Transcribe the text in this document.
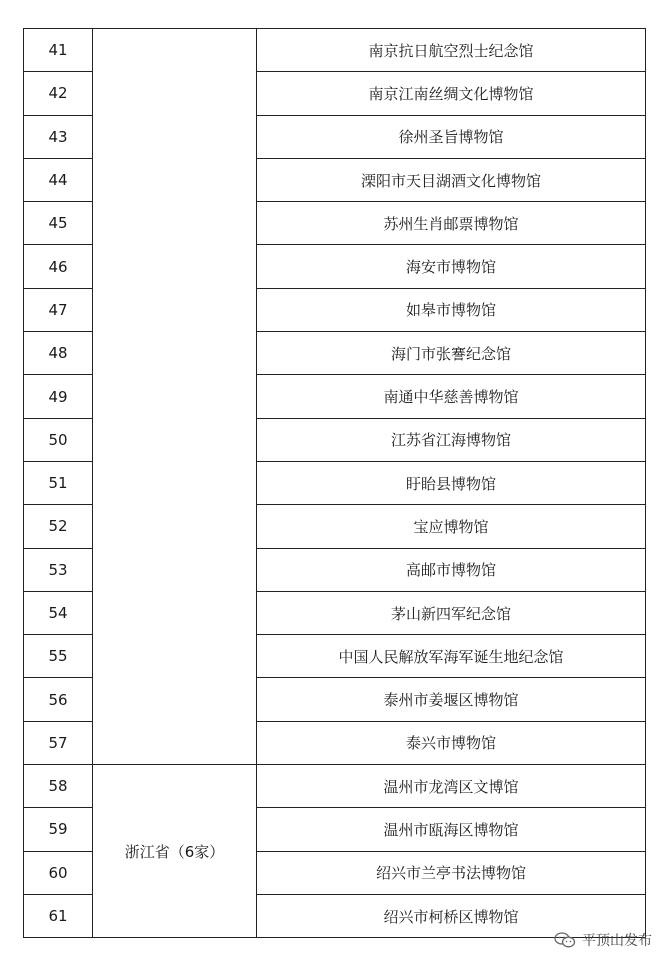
41		南京抗日航空烈士纪念馆
42		南京江南丝绸文化博物馆
43		徐州圣旨博物馆
44		溧阳市天目湖酒文化博物馆
45		苏州生肖邮票博物馆
46		海安市博物馆
47		如皋市博物馆
48		海门市张謇纪念馆
49		南通中华慈善博物馆
50		江苏省江海博物馆
51		盱眙县博物馆
52		宝应博物馆
53		高邮市博物馆
54		茅山新四军纪念馆
55		中国人民解放军海军诞生地纪念馆
56		泰州市姜堰区博物馆
57		泰兴市博物馆
58	浙江省（6家）	温州市龙湾区文博馆
59		温州市瓯海区博物馆
60		绍兴市兰亭书法博物馆
61		绍兴市柯桥区博物馆
平顶山发布
